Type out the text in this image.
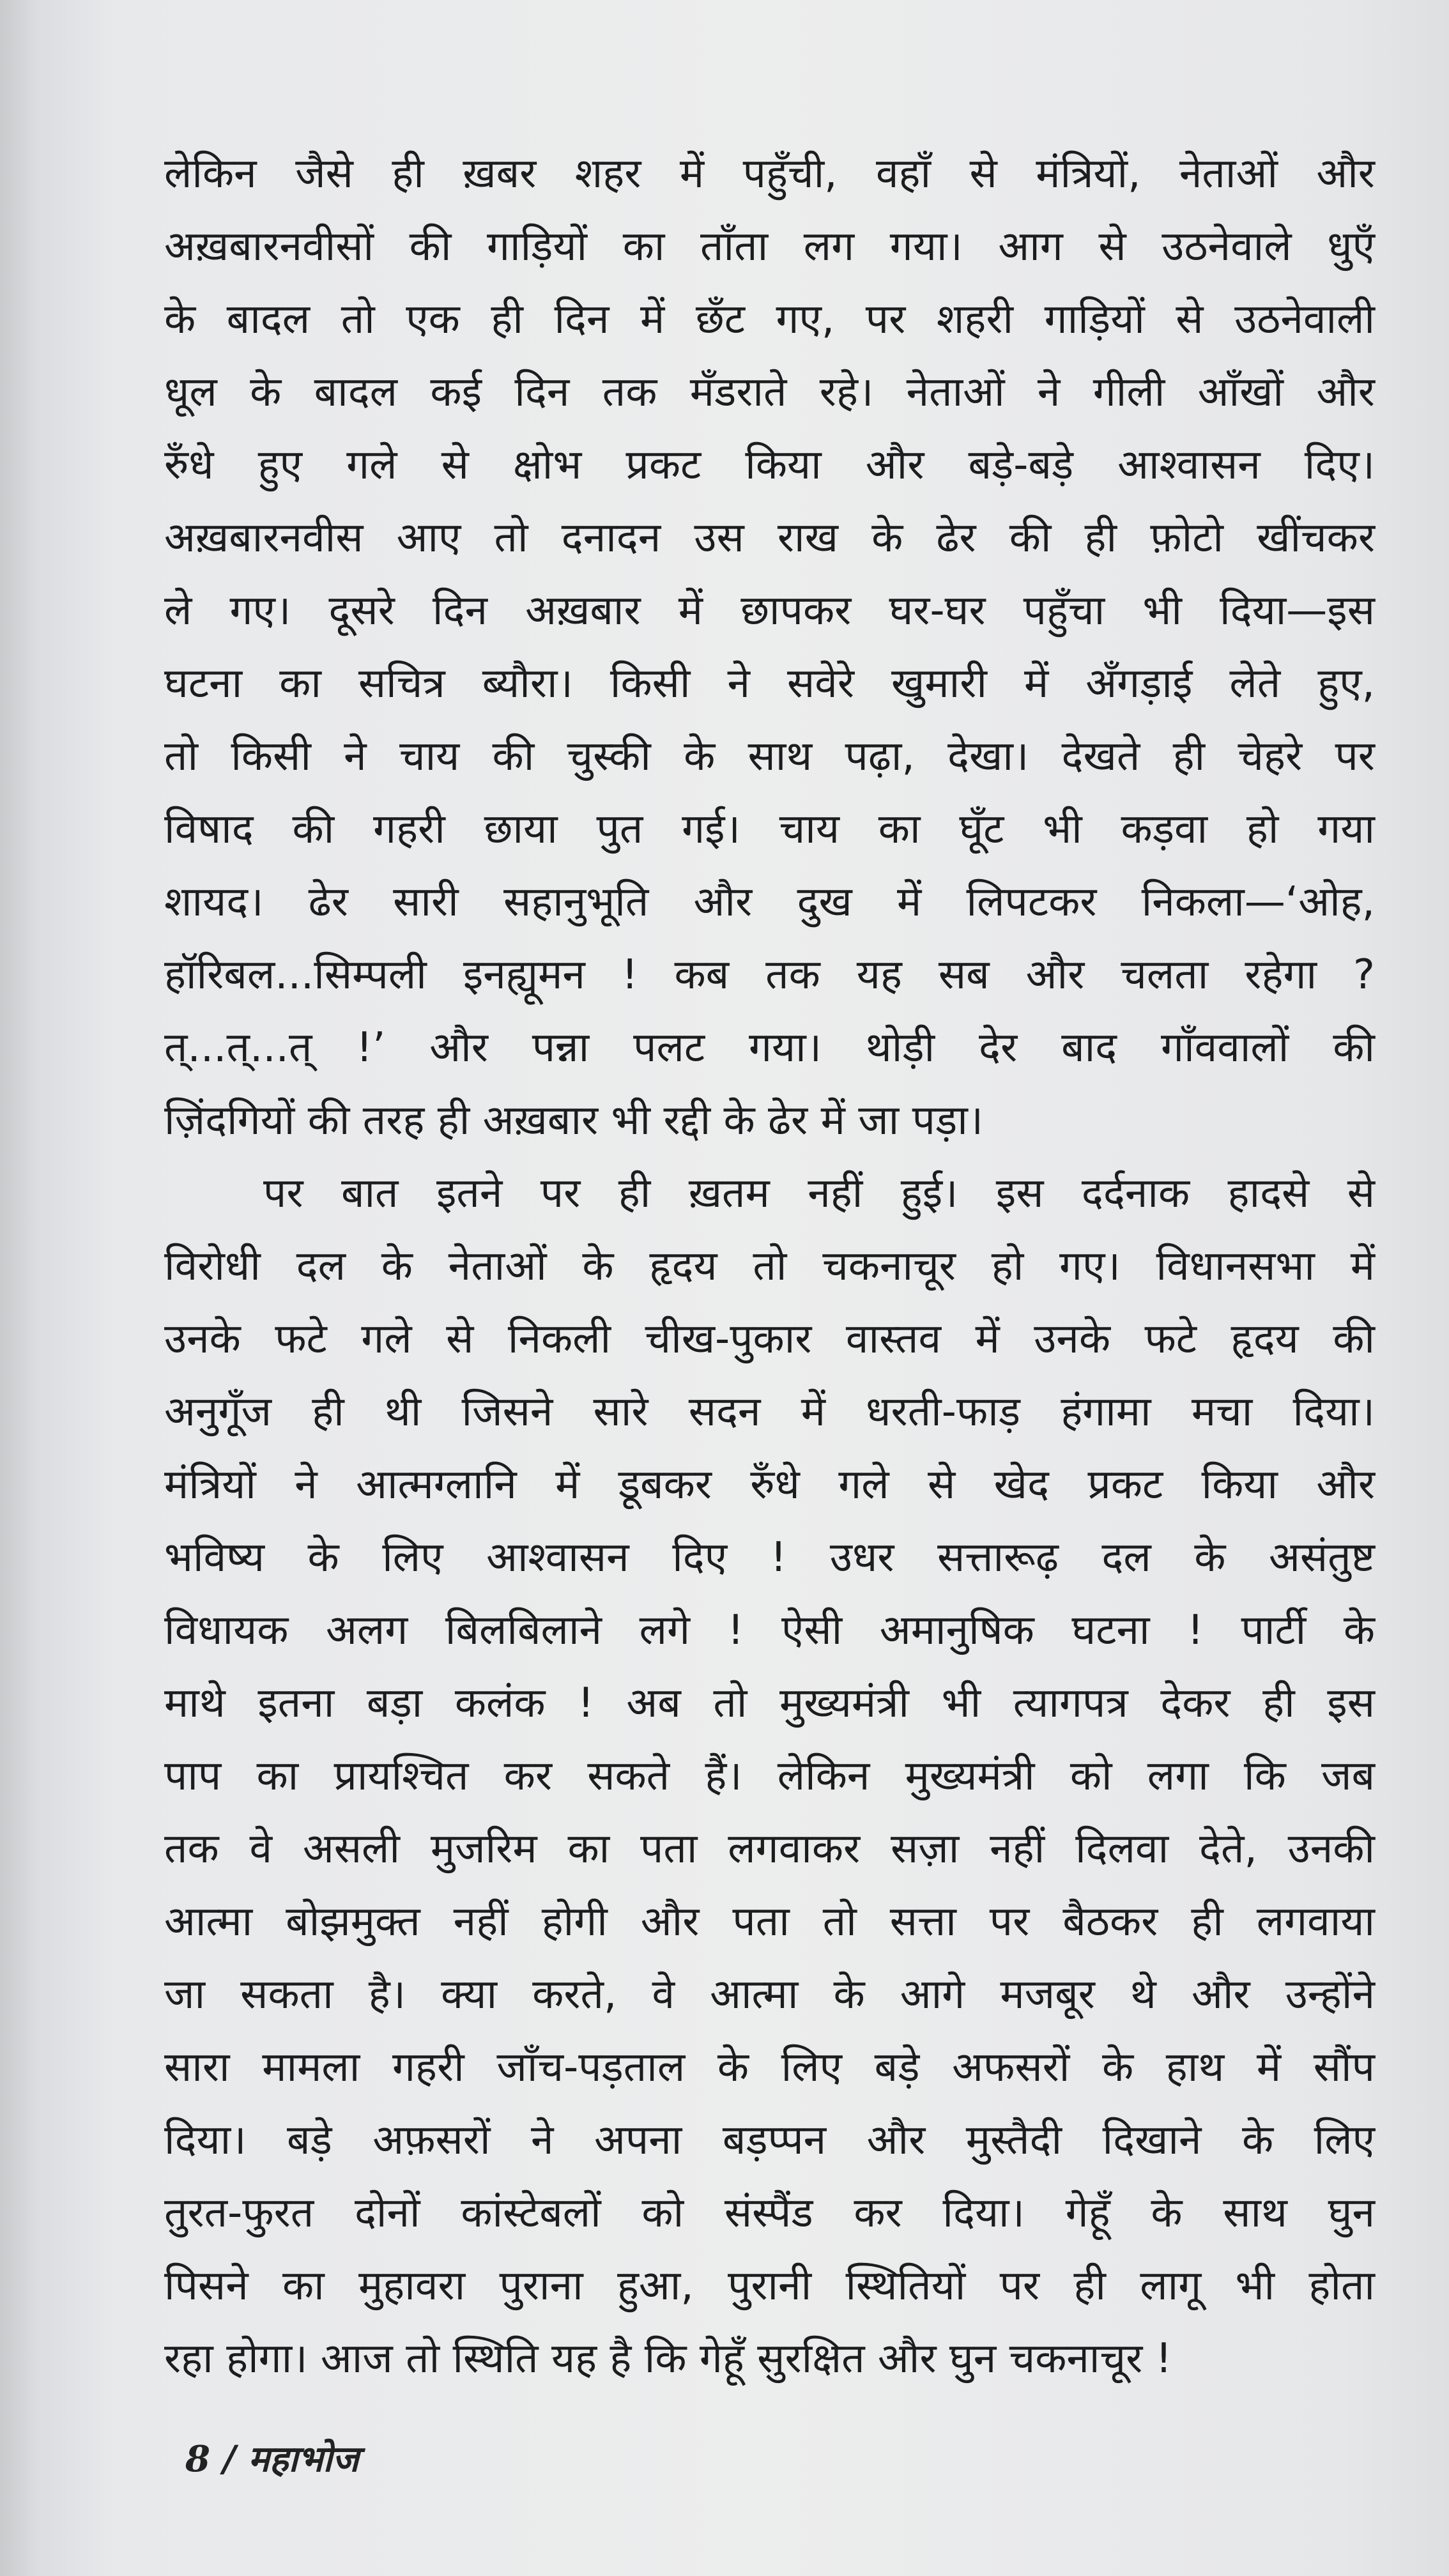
लेकिन जैसे ही ख़बर शहर में पहुँची, वहाँ से मंत्रियों, नेताओं और
अख़बारनवीसों की गाड़ियों का ताँता लग गया। आग से उठनेवाले धुएँ
के बादल तो एक ही दिन में छँट गए, पर शहरी गाड़ियों से उठनेवाली
धूल के बादल कई दिन तक मँडराते रहे। नेताओं ने गीली आँखों और
रुँधे हुए गले से क्षोभ प्रकट किया और बड़े-बड़े आश्वासन दिए।
अख़बारनवीस आए तो दनादन उस राख के ढेर की ही फ़ोटो खींचकर
ले गए। दूसरे दिन अख़बार में छापकर घर-घर पहुँचा भी दिया—इस
घटना का सचित्र ब्यौरा। किसी ने सवेरे खुमारी में अँगड़ाई लेते हुए,
तो किसी ने चाय की चुस्की के साथ पढ़ा, देखा। देखते ही चेहरे पर
विषाद की गहरी छाया पुत गई। चाय का घूँट भी कड़वा हो गया
शायद। ढेर सारी सहानुभूति और दुख में लिपटकर निकला—‘ओह,
हॉरिबल...सिम्पली इनह्यूमन ! कब तक यह सब और चलता रहेगा ?
त्...त्...त् !’ और पन्ना पलट गया। थोड़ी देर बाद गाँववालों की
ज़िंदगियों की तरह ही अख़बार भी रद्दी के ढेर में जा पड़ा।
पर बात इतने पर ही ख़तम नहीं हुई। इस दर्दनाक हादसे से
विरोधी दल के नेताओं के हृदय तो चकनाचूर हो गए। विधानसभा में
उनके फटे गले से निकली चीख-पुकार वास्तव में उनके फटे हृदय की
अनुगूँज ही थी जिसने सारे सदन में धरती-फाड़ हंगामा मचा दिया।
मंत्रियों ने आत्मग्लानि में डूबकर रुँधे गले से खेद प्रकट किया और
भविष्य के लिए आश्वासन दिए ! उधर सत्तारूढ़ दल के असंतुष्ट
विधायक अलग बिलबिलाने लगे ! ऐसी अमानुषिक घटना ! पार्टी के
माथे इतना बड़ा कलंक ! अब तो मुख्यमंत्री भी त्यागपत्र देकर ही इस
पाप का प्रायश्चित कर सकते हैं। लेकिन मुख्यमंत्री को लगा कि जब
तक वे असली मुजरिम का पता लगवाकर सज़ा नहीं दिलवा देते, उनकी
आत्मा बोझमुक्त नहीं होगी और पता तो सत्ता पर बैठकर ही लगवाया
जा सकता है। क्या करते, वे आत्मा के आगे मजबूर थे और उन्होंने
सारा मामला गहरी जाँच-पड़ताल के लिए बड़े अफसरों के हाथ में सौंप
दिया। बड़े अफ़सरों ने अपना बड़प्पन और मुस्तैदी दिखाने के लिए
तुरत-फुरत दोनों कांस्टेबलों को संस्पैंड कर दिया। गेहूँ के साथ घुन
पिसने का मुहावरा पुराना हुआ, पुरानी स्थितियों पर ही लागू भी होता
रहा होगा। आज तो स्थिति यह है कि गेहूँ सुरक्षित और घुन चकनाचूर !
8 / महाभोज
